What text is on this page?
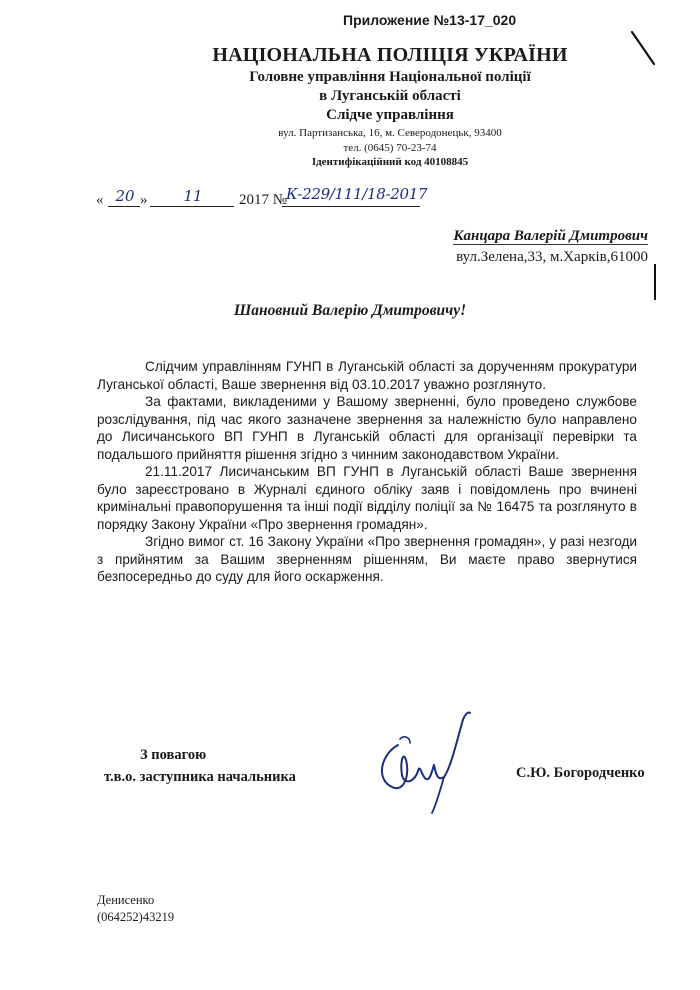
Приложение №13-17_020
НАЦІОНАЛЬНА ПОЛІЦІЯ УКРАЇНИ
Головне управління Національної поліції
в Луганській області
Слідче управління
вул. Партизанська, 16, м. Северодонецьк, 93400
тел. (0645) 70-23-74
Ідентифікаційний код 40108845
« 20 »	11	2017 №
К-229/111/18-2017
Канцара Валерій Дмитрович
вул.Зелена,33, м.Харків,61000
Шановний Валерію Дмитровичу!

Слідчим управлінням ГУНП в Луганській області за дорученням прокуратури Луганської області, Ваше звернення від 03.10.2017 уважно розглянуто.

За фактами, викладеними у Вашому зверненні, було проведено службове розслідування, під час якого зазначене звернення за належністю було направлено до Лисичанського ВП ГУНП в Луганській області для організації перевірки та подальшого прийняття рішення згідно з чинним законодавством України.

21.11.2017 Лисичанським ВП ГУНП в Луганській області Ваше звернення було зареєстровано в Журналі єдиного обліку заяв і повідомлень про вчинені кримінальні правопорушення та інші події відділу поліції за № 16475 та розглянуто в порядку Закону України «Про звернення громадян».

Згідно вимог ст. 16 Закону України «Про звернення громадян», у разі незгоди з прийнятим за Вашим зверненням рішенням, Ви маєте право звернутися безпосередньо до суду для його оскарження.

З повагою
т.в.о. заступника начальника	С.Ю. Богородченко
Денисенко
(064252)43219
